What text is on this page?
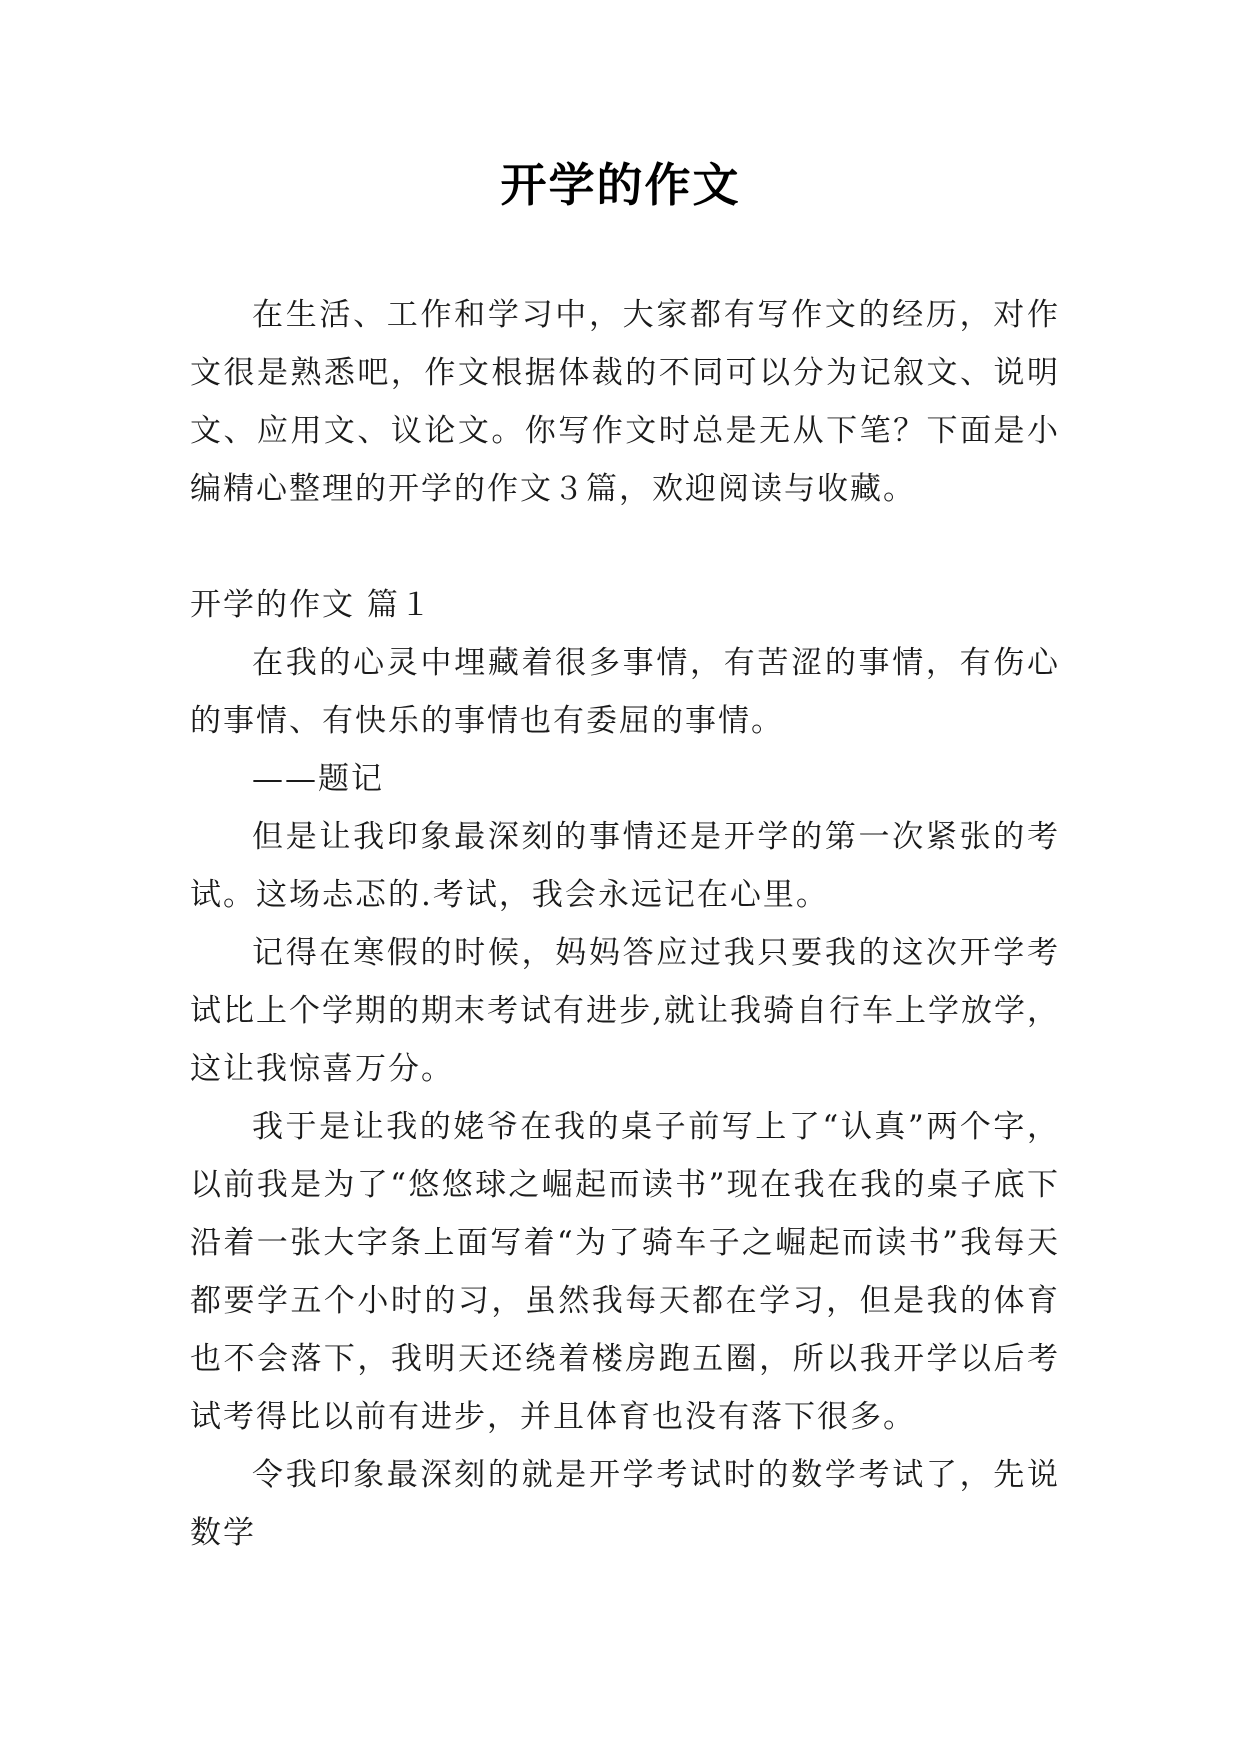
开学的作文

在生活、工作和学习中，大家都有写作文的经历，对作文很是熟悉吧，作文根据体裁的不同可以分为记叙文、说明文、应用文、议论文。你写作文时总是无从下笔？下面是小编精心整理的开学的作文３篇，欢迎阅读与收藏。

开学的作文 篇１

在我的心灵中埋藏着很多事情，有苦涩的事情，有伤心的事情、有快乐的事情也有委屈的事情。

——题记

但是让我印象最深刻的事情还是开学的第一次紧张的考试。这场忐忑的.考试，我会永远记在心里。

记得在寒假的时候，妈妈答应过我只要我的这次开学考试比上个学期的期末考试有进步,就让我骑自行车上学放学，这让我惊喜万分。

我于是让我的姥爷在我的桌子前写上了“认真”两个字，以前我是为了“悠悠球之崛起而读书”现在我在我的桌子底下沿着一张大字条上面写着“为了骑车子之崛起而读书”我每天都要学五个小时的习，虽然我每天都在学习，但是我的体育也不会落下，我明天还绕着楼房跑五圈，所以我开学以后考试考得比以前有进步，并且体育也没有落下很多。

令我印象最深刻的就是开学考试时的数学考试了，先说数学
